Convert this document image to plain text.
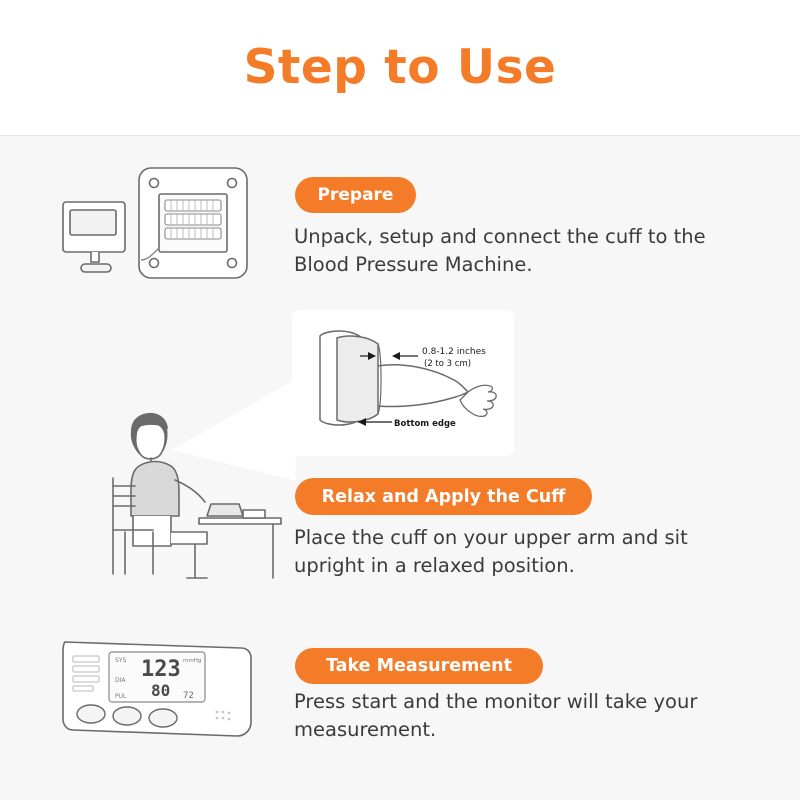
Step to Use
Prepare
Unpack, setup and connect the cuff to the Blood Pressure Machine.
0.8-1.2 inches
(2 to 3 cm)
Bottom edge
Relax and Apply the Cuff
Place the cuff on your upper arm and sit upright in a relaxed position.
123
80
SYS
DIA
PUL	72
mmHg	Take Measurement
Press start and the monitor will take your measurement.
